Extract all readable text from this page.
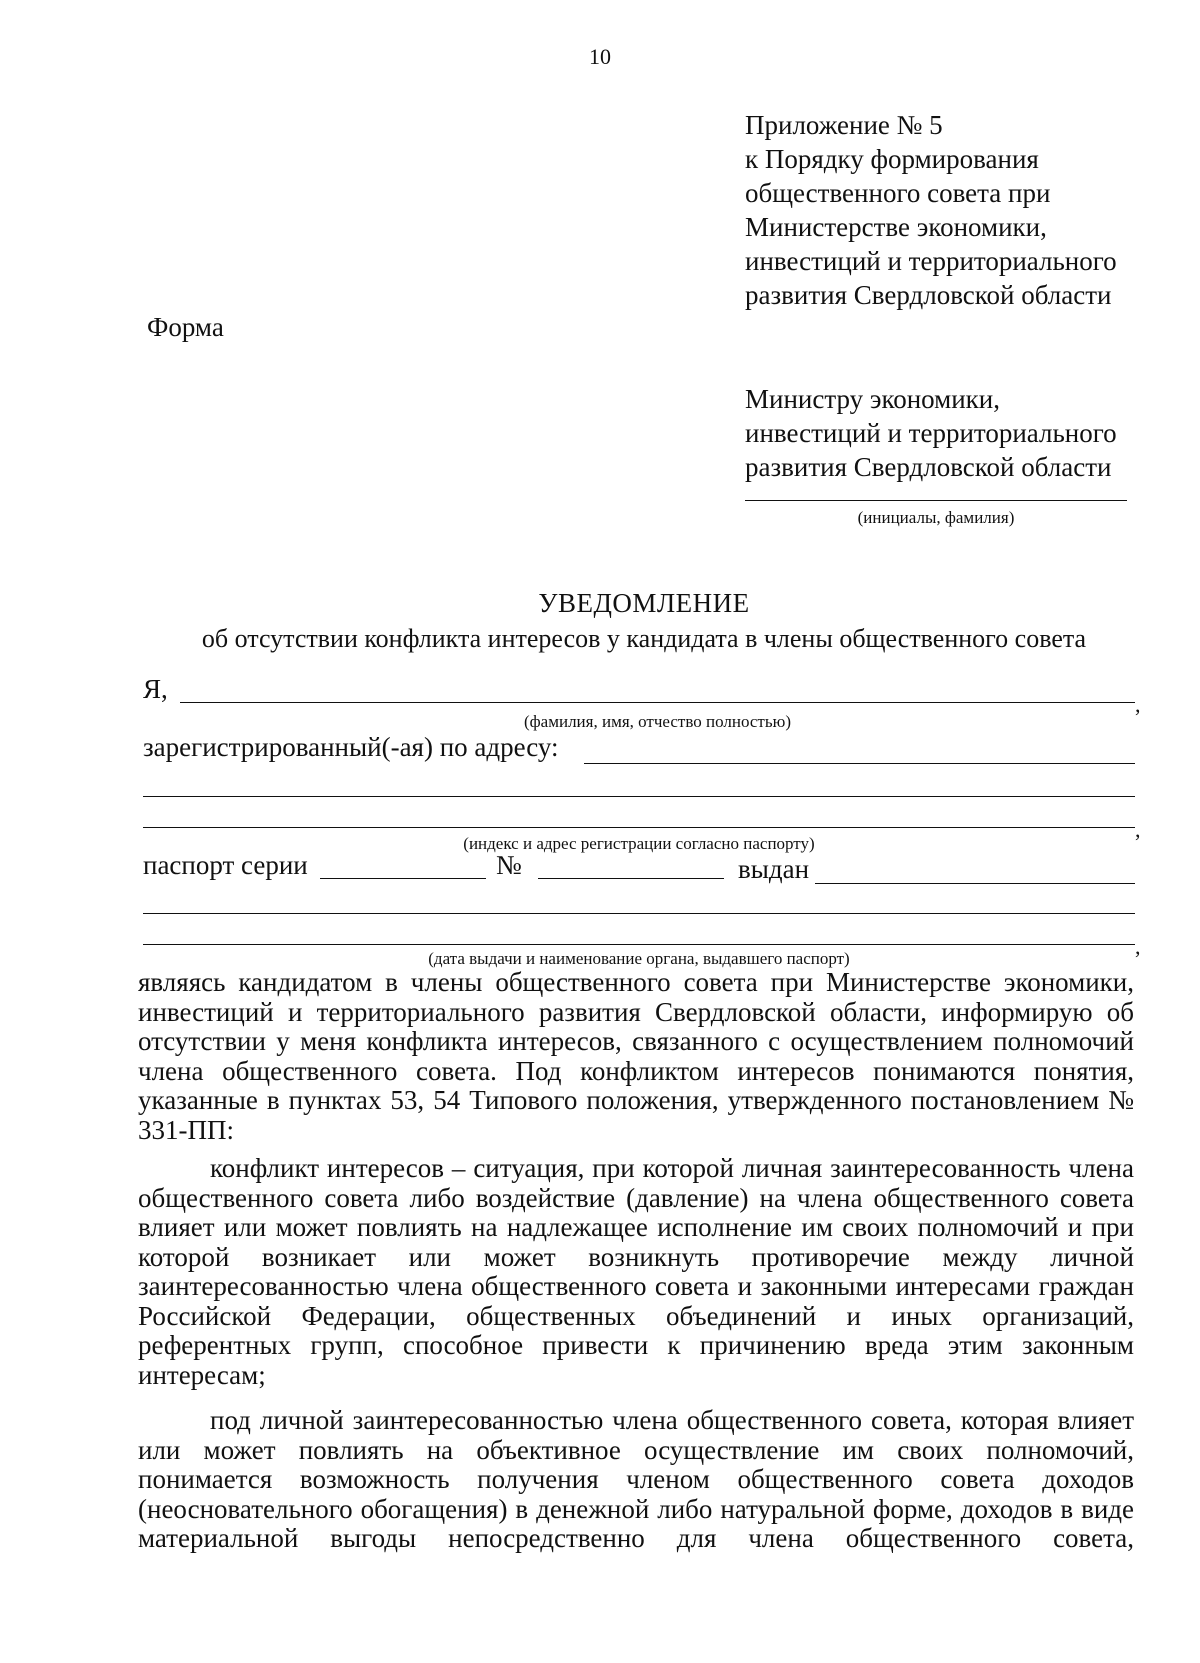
10
Приложение № 5
к Порядку формирования
общественного совета при
Министерстве экономики,
инвестиций и территориального
развития Свердловской области
Форма
Министру экономики,
инвестиций и территориального
развития Свердловской области
(инициалы, фамилия)
УВЕДОМЛЕНИЕ
об отсутствии конфликта интересов у кандидата в члены общественного совета
Я,
,
(фамилия, имя, отчество полностью)
зарегистрированный(-ая) по адресу:
,
(индекс и адрес регистрации согласно паспорту)
паспорт серии	№	выдан
,
(дата выдачи и наименование органа, выдавшего паспорт)
являясь кандидатом в члены общественного совета при Министерстве экономики, инвестиций и территориального развития Свердловской области, информирую об отсутствии у меня конфликта интересов, связанного с осуществлением полномочий члена общественного совета. Под конфликтом интересов понимаются понятия, указанные в пунктах 53, 54 Типового положения, утвержденного постановлением № 331-ПП:
конфликт интересов – ситуация, при которой личная заинтересованность члена общественного совета либо воздействие (давление) на члена общественного совета влияет или может повлиять на надлежащее исполнение им своих полномочий и при которой возникает или может возникнуть противоречие между личной заинтересованностью члена общественного совета и законными интересами граждан Российской Федерации, общественных объединений и иных организаций, референтных групп, способное привести к причинению вреда этим законным интересам;
под личной заинтересованностью члена общественного совета, которая влияет или может повлиять на объективное осуществление им своих полномочий, понимается возможность получения членом общественного совета доходов (неосновательного обогащения) в денежной либо натуральной форме, доходов в виде материальной выгоды непосредственно для члена общественного совета,
